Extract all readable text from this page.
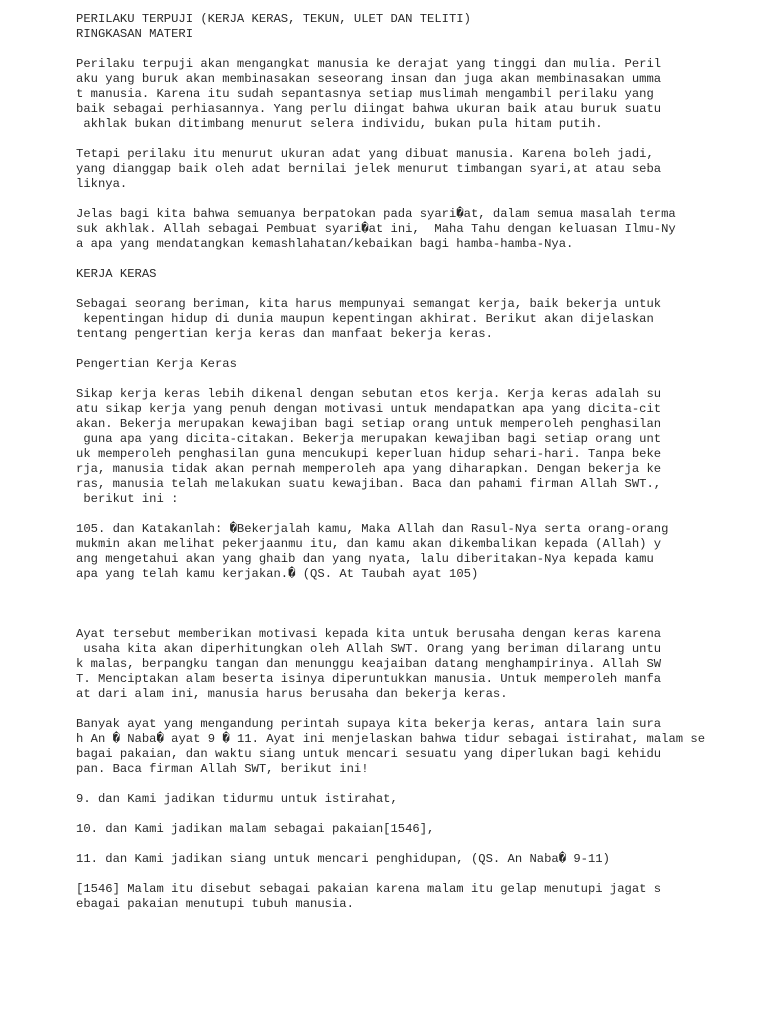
PERILAKU TERPUJI (KERJA KERAS, TEKUN, ULET DAN TELITI)
RINGKASAN MATERI
Perilaku terpuji akan mengangkat manusia ke derajat yang tinggi dan mulia. Peril
aku yang buruk akan membinasakan seseorang insan dan juga akan membinasakan umma
t manusia. Karena itu sudah sepantasnya setiap muslimah mengambil perilaku yang
baik sebagai perhiasannya. Yang perlu diingat bahwa ukuran baik atau buruk suatu
akhlak bukan ditimbang menurut selera individu, bukan pula hitam putih.
Tetapi perilaku itu menurut ukuran adat yang dibuat manusia. Karena boleh jadi,
yang dianggap baik oleh adat bernilai jelek menurut timbangan syari,at atau seba
liknya.
Jelas bagi kita bahwa semuanya berpatokan pada syari�at, dalam semua masalah terma
suk akhlak. Allah sebagai Pembuat syari�at ini,  Maha Tahu dengan keluasan Ilmu-Ny
a apa yang mendatangkan kemashlahatan/kebaikan bagi hamba-hamba-Nya.
KERJA KERAS
Sebagai seorang beriman, kita harus mempunyai semangat kerja, baik bekerja untuk
kepentingan hidup di dunia maupun kepentingan akhirat. Berikut akan dijelaskan
tentang pengertian kerja keras dan manfaat bekerja keras.
Pengertian Kerja Keras
Sikap kerja keras lebih dikenal dengan sebutan etos kerja. Kerja keras adalah su
atu sikap kerja yang penuh dengan motivasi untuk mendapatkan apa yang dicita-cit
akan. Bekerja merupakan kewajiban bagi setiap orang untuk memperoleh penghasilan
guna apa yang dicita-citakan. Bekerja merupakan kewajiban bagi setiap orang unt
uk memperoleh penghasilan guna mencukupi keperluan hidup sehari-hari. Tanpa beke
rja, manusia tidak akan pernah memperoleh apa yang diharapkan. Dengan bekerja ke
ras, manusia telah melakukan suatu kewajiban. Baca dan pahami firman Allah SWT.,
berikut ini :
105. dan Katakanlah: �Bekerjalah kamu, Maka Allah dan Rasul-Nya serta orang-orang
mukmin akan melihat pekerjaanmu itu, dan kamu akan dikembalikan kepada (Allah) y
ang mengetahui akan yang ghaib dan yang nyata, lalu diberitakan-Nya kepada kamu
apa yang telah kamu kerjakan.� (QS. At Taubah ayat 105)
Ayat tersebut memberikan motivasi kepada kita untuk berusaha dengan keras karena
usaha kita akan diperhitungkan oleh Allah SWT. Orang yang beriman dilarang untu
k malas, berpangku tangan dan menunggu keajaiban datang menghampirinya. Allah SW
T. Menciptakan alam beserta isinya diperuntukkan manusia. Untuk memperoleh manfa
at dari alam ini, manusia harus berusaha dan bekerja keras.
Banyak ayat yang mengandung perintah supaya kita bekerja keras, antara lain sura
h An � Naba� ayat 9 � 11. Ayat ini menjelaskan bahwa tidur sebagai istirahat, malam se
bagai pakaian, dan waktu siang untuk mencari sesuatu yang diperlukan bagi kehidu
pan. Baca firman Allah SWT, berikut ini!
9. dan Kami jadikan tidurmu untuk istirahat,
10. dan Kami jadikan malam sebagai pakaian[1546],
11. dan Kami jadikan siang untuk mencari penghidupan, (QS. An Naba� 9-11)
[1546] Malam itu disebut sebagai pakaian karena malam itu gelap menutupi jagat s
ebagai pakaian menutupi tubuh manusia.
